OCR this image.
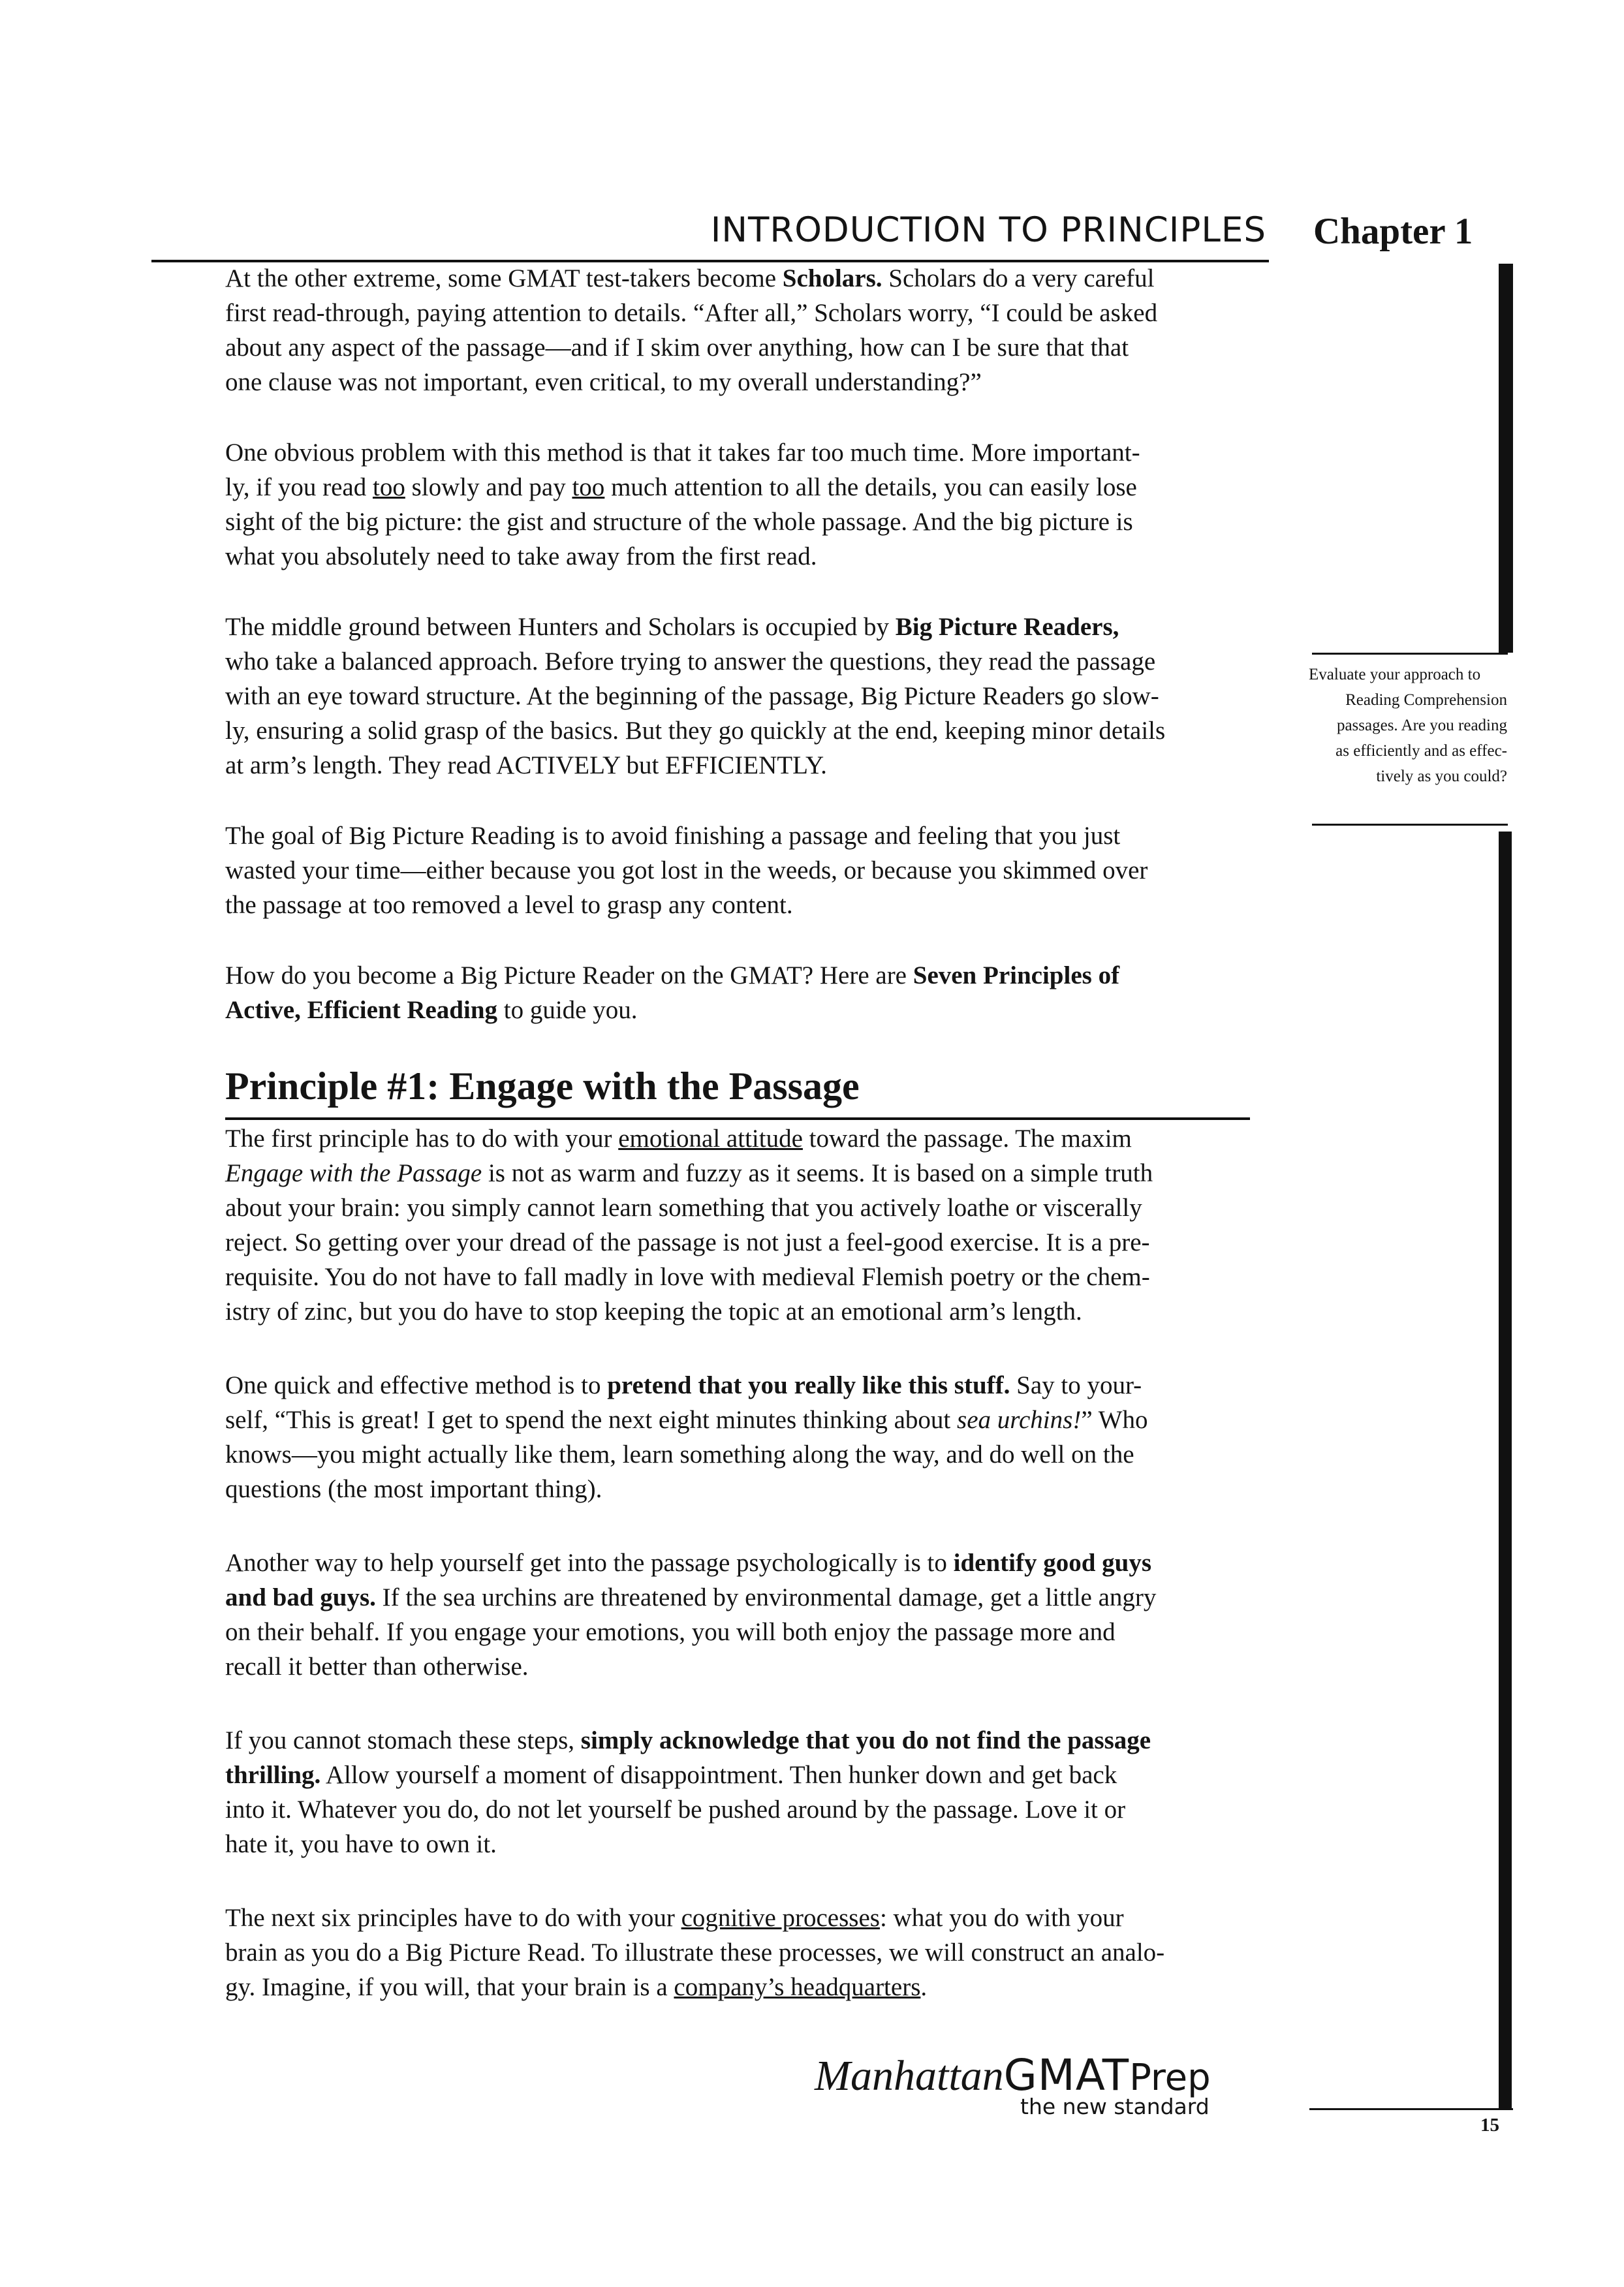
INTRODUCTION TO PRINCIPLES Chapter 1
Evaluate your approach to
Reading Comprehension
passages. Are you reading
as efficiently and as effec-
tively as you could?

At the other extreme, some GMAT test-takers become Scholars. Scholars do a very careful
first read-through, paying attention to details. “After all,” Scholars worry, “I could be asked
about any aspect of the passage—and if I skim over anything, how can I be sure that that
one clause was not important, even critical, to my overall understanding?”

One obvious problem with this method is that it takes far too much time. More important-
ly, if you read too slowly and pay too much attention to all the details, you can easily lose
sight of the big picture: the gist and structure of the whole passage. And the big picture is
what you absolutely need to take away from the first read.

The middle ground between Hunters and Scholars is occupied by Big Picture Readers,
who take a balanced approach. Before trying to answer the questions, they read the passage
with an eye toward structure. At the beginning of the passage, Big Picture Readers go slow-
ly, ensuring a solid grasp of the basics. But they go quickly at the end, keeping minor details
at arm’s length. They read ACTIVELY but EFFICIENTLY.

The goal of Big Picture Reading is to avoid finishing a passage and feeling that you just
wasted your time—either because you got lost in the weeds, or because you skimmed over
the passage at too removed a level to grasp any content.

How do you become a Big Picture Reader on the GMAT? Here are Seven Principles of
Active, Efficient Reading to guide you.

Principle #1: Engage with the Passage

The first principle has to do with your emotional attitude toward the passage. The maxim
Engage with the Passage is not as warm and fuzzy as it seems. It is based on a simple truth
about your brain: you simply cannot learn something that you actively loathe or viscerally
reject. So getting over your dread of the passage is not just a feel-good exercise. It is a pre-
requisite. You do not have to fall madly in love with medieval Flemish poetry or the chem-
istry of zinc, but you do have to stop keeping the topic at an emotional arm’s length.

One quick and effective method is to pretend that you really like this stuff. Say to your-
self, “This is great! I get to spend the next eight minutes thinking about sea urchins!” Who
knows—you might actually like them, learn something along the way, and do well on the
questions (the most important thing).

Another way to help yourself get into the passage psychologically is to identify good guys
and bad guys. If the sea urchins are threatened by environmental damage, get a little angry
on their behalf. If you engage your emotions, you will both enjoy the passage more and
recall it better than otherwise.

If you cannot stomach these steps, simply acknowledge that you do not find the passage
thrilling. Allow yourself a moment of disappointment. Then hunker down and get back
into it. Whatever you do, do not let yourself be pushed around by the passage. Love it or
hate it, you have to own it.

The next six principles have to do with your cognitive processes: what you do with your
brain as you do a Big Picture Read. To illustrate these processes, we will construct an analo-
gy. Imagine, if you will, that your brain is a company’s headquarters.

ManhattanGMATPrep
the new standard
15
